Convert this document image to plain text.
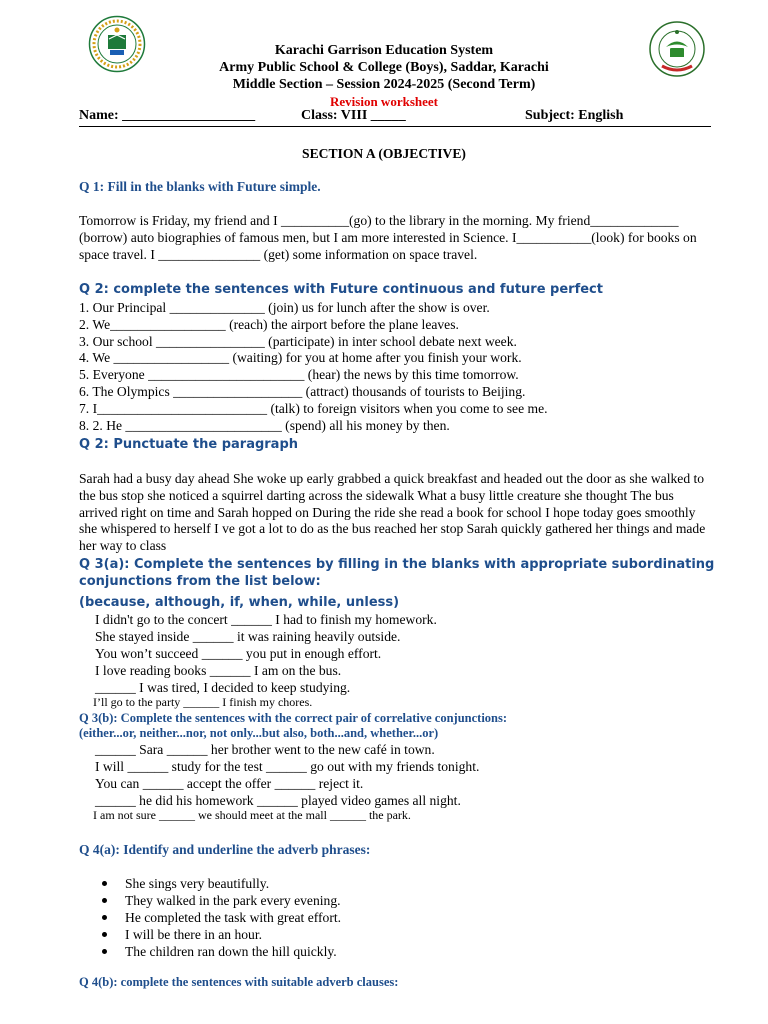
Karachi Garrison Education System
Army Public School & College (Boys), Saddar, Karachi
Middle Section – Session 2024-2025 (Second Term)
Revision worksheet
Name: ___________________	Class: VIII _____	Subject: English
SECTION A (OBJECTIVE)
Q 1: Fill in the blanks with Future simple.
Tomorrow is Friday, my friend and I __________(go) to the library in the morning. My friend_____________ (borrow) auto biographies of famous men, but I am more interested in Science. I___________(look) for books on space travel. I _______________ (get) some information on space travel.
Q 2: complete the sentences with Future continuous and future perfect
1. Our Principal ______________ (join) us for lunch after the show is over.
2. We_________________ (reach) the airport before the plane leaves.
3. Our school ________________ (participate) in inter school debate next week.
4. We _________________ (waiting) for you at home after you finish your work.
5. Everyone _______________________ (hear) the news by this time tomorrow.
6. The Olympics ___________________ (attract) thousands of tourists to Beijing.
7. I_________________________ (talk) to foreign visitors when you come to see me.
8. 2. He _______________________ (spend) all his money by then.
Q 2: Punctuate the paragraph
Sarah had a busy day ahead She woke up early grabbed a quick breakfast and headed out the door as she walked to the bus stop she noticed a squirrel darting across the sidewalk What a busy little creature she thought The bus arrived right on time and Sarah hopped on During the ride she read a book for school I hope today goes smoothly she whispered to herself I ve got a lot to do as the bus reached her stop Sarah quickly gathered her things and made her way to class
Q 3(a): Complete the sentences by filling in the blanks with appropriate subordinating
conjunctions from the list below:
(because, although, if, when, while, unless)
I didn't go to the concert ______ I had to finish my homework.
She stayed inside ______ it was raining heavily outside.
You won’t succeed ______ you put in enough effort.
I love reading books ______ I am on the bus.
______ I was tired, I decided to keep studying.
I’ll go to the party ______ I finish my chores.
Q 3(b): Complete the sentences with the correct pair of correlative conjunctions:
(either...or, neither...nor, not only...but also, both...and, whether...or)
______ Sara ______ her brother went to the new café in town.
I will ______ study for the test ______ go out with my friends tonight.
You can ______ accept the offer ______ reject it.
______ he did his homework ______ played video games all night.
I am not sure ______ we should meet at the mall ______ the park.
Q 4(a): Identify and underline the adverb phrases:
She sings very beautifully.
They walked in the park every evening.
He completed the task with great effort.
I will be there in an hour.
The children ran down the hill quickly.
Q 4(b): complete the sentences with suitable adverb clauses:
